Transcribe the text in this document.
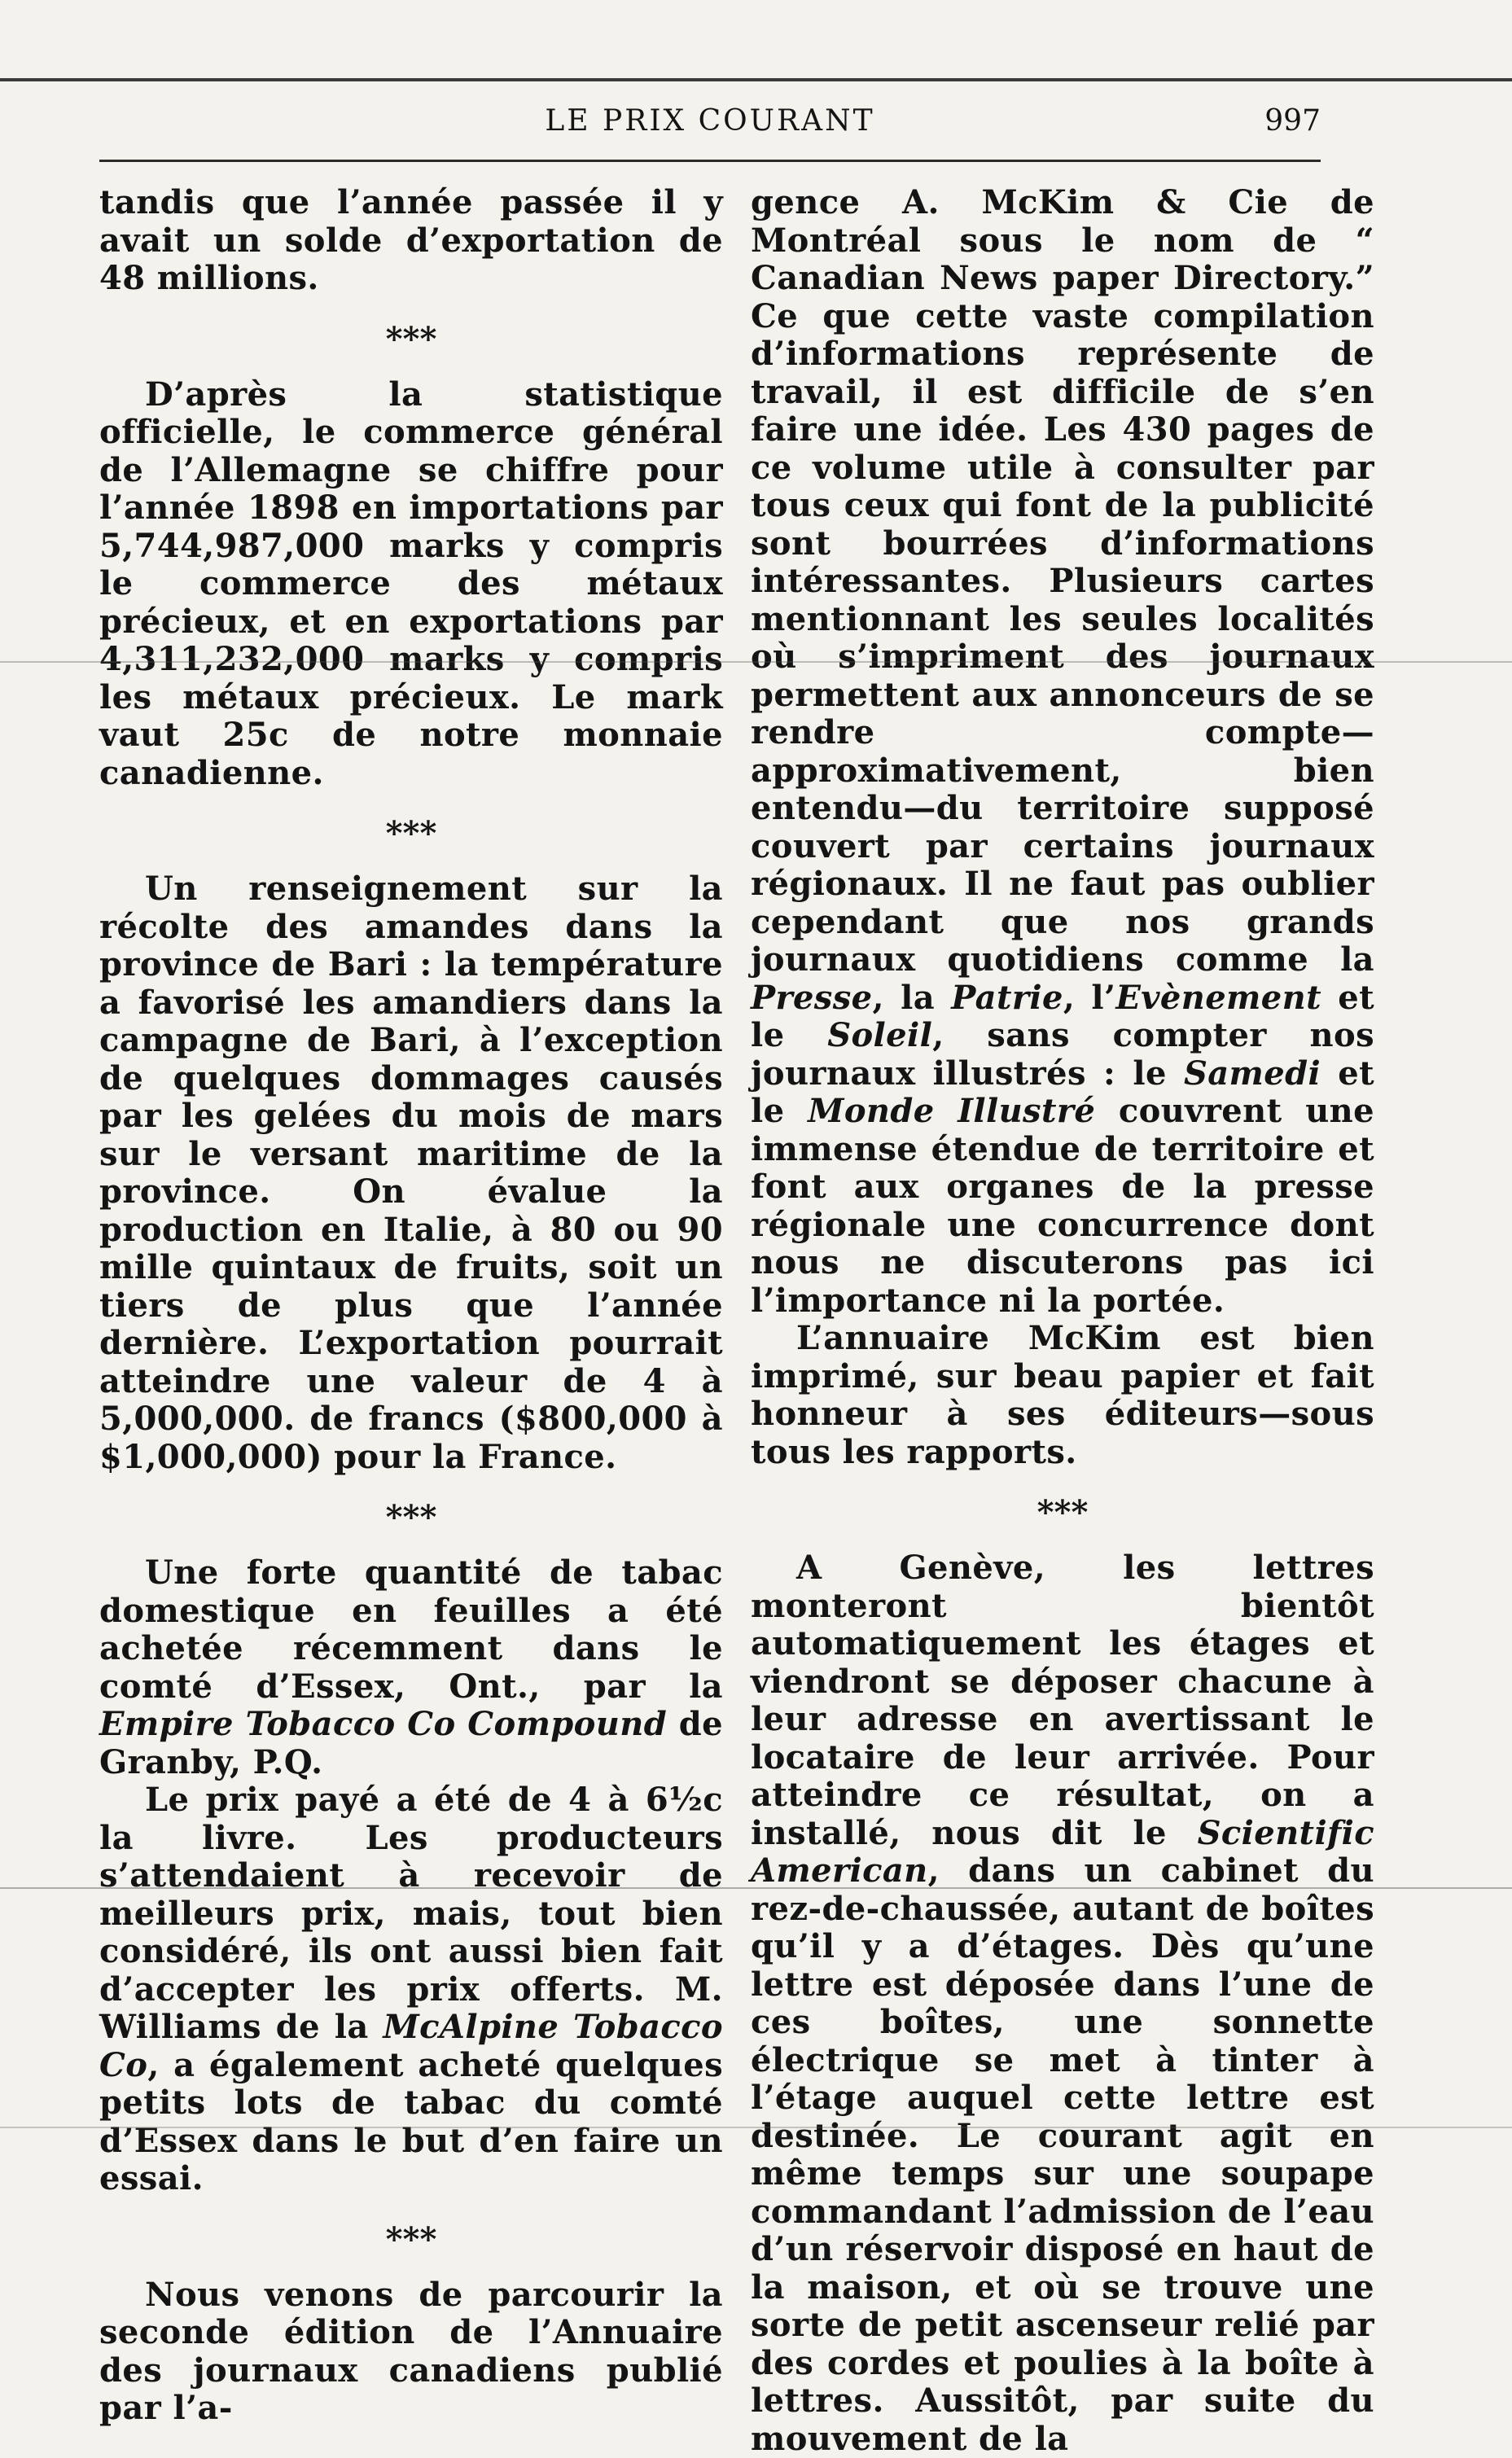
LE PRIX COURANT	997

tandis que l’année passée il y avait un solde d’exportation de 48 millions.

***

D’après la statistique officielle, le commerce général de l’Allemagne se chiffre pour l’année 1898 en importations par 5,744,987,000 marks y compris le commerce des métaux précieux, et en exportations par 4,311,232,000 marks y compris les métaux précieux. Le mark vaut 25c de notre monnaie canadienne.

***

Un renseignement sur la récolte des amandes dans la province de Bari : la température a favorisé les amandiers dans la campagne de Bari, à l’exception de quelques dommages causés par les gelées du mois de mars sur le versant maritime de la province. On évalue la production en Italie, à 80 ou 90 mille quintaux de fruits, soit un tiers de plus que l’année dernière. L’exportation pourrait atteindre une valeur de 4 à 5,000,000. de francs ($800,000 à $1,000,000) pour la France.

***

Une forte quantité de tabac domestique en feuilles a été achetée récemment dans le comté d’Essex, Ont., par la Empire Tobacco Co Compound de Granby, P.Q.

Le prix payé a été de 4 à 6½c la livre. Les producteurs s’attendaient à recevoir de meilleurs prix, mais, tout bien considéré, ils ont aussi bien fait d’accepter les prix offerts. M. Williams de la McAlpine Tobacco Co, a également acheté quelques petits lots de tabac du comté d’Essex dans le but d’en faire un essai.

***

Nous venons de parcourir la seconde édition de l’Annuaire des journaux canadiens publié par l’a-

gence A. McKim & Cie de Montréal sous le nom de “ Canadian News paper Directory.” Ce que cette vaste compilation d’informations représente de travail, il est difficile de s’en faire une idée. Les 430 pages de ce volume utile à consulter par tous ceux qui font de la publicité sont bourrées d’informations intéressantes. Plusieurs cartes mentionnant les seules localités où s’impriment des journaux permettent aux annonceurs de se rendre compte—approximativement, bien entendu—du territoire supposé couvert par certains journaux régionaux. Il ne faut pas oublier cependant que nos grands journaux quotidiens comme la Presse, la Patrie, l’Evènement et le Soleil, sans compter nos journaux illustrés : le Samedi et le Monde Illustré couvrent une immense étendue de territoire et font aux organes de la presse régionale une concurrence dont nous ne discuterons pas ici l’importance ni la portée.

L’annuaire McKim est bien imprimé, sur beau papier et fait honneur à ses éditeurs—sous tous les rapports.

***

A Genève, les lettres monteront bientôt automatiquement les étages et viendront se déposer chacune à leur adresse en avertissant le locataire de leur arrivée. Pour atteindre ce résultat, on a installé, nous dit le Scientific American, dans un cabinet du rez-de-chaussée, autant de boîtes qu’il y a d’étages. Dès qu’une lettre est déposée dans l’une de ces boîtes, une sonnette électrique se met à tinter à l’étage auquel cette lettre est destinée. Le courant agit en même temps sur une soupape commandant l’admission de l’eau d’un réservoir disposé en haut de la maison, et où se trouve une sorte de petit ascenseur relié par des cordes et poulies à la boîte à lettres. Aussitôt, par suite du mouvement de la
